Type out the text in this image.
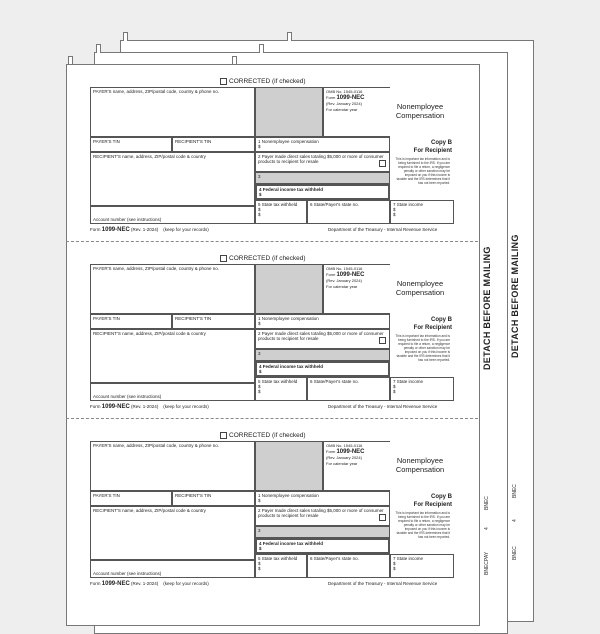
DETACH BEFORE MAILING
DETACH BEFORE MAILING
BNEC
4
BNEC
BNECPAY
4
BNEC
CORRECTED (if checked)
PAYER'S name, address, ZIP/postal code, country & phone no.	OMB No. 1545-0116
Form 1099-NEC
(Rev. January 2024)
For calendar year	Nonemployee Compensation
PAYER'S TIN	RECIPIENT'S TIN	1 Nonemployee compensation
$
Copy B
For Recipient
This is important tax information and is being furnished to the IRS. If you are required to file a return, a negligence penalty or other sanction may be imposed on you if this income is taxable and the IRS determines that it has not been reported.
RECIPIENT'S name, address, ZIP/postal code & country	2 Payer made direct sales totaling $5,000 or more of consumer products to recipient for resale
3
4 Federal income tax withheld
$
Account number (see instructions)
5 State tax withheld
$
$
6 State/Payer's state no.	7 State income
$
$
Form 1099-NEC (Rev. 1-2024) (keep for your records)	Department of the Treasury - Internal Revenue Service
CORRECTED (if checked)
PAYER'S name, address, ZIP/postal code, country & phone no.	OMB No. 1545-0116
Form 1099-NEC
(Rev. January 2024)
For calendar year	Nonemployee Compensation
PAYER'S TIN	RECIPIENT'S TIN	1 Nonemployee compensation
$
Copy B
For Recipient
This is important tax information and is being furnished to the IRS. If you are required to file a return, a negligence penalty or other sanction may be imposed on you if this income is taxable and the IRS determines that it has not been reported.
RECIPIENT'S name, address, ZIP/postal code & country	2 Payer made direct sales totaling $5,000 or more of consumer products to recipient for resale
3
4 Federal income tax withheld
$
Account number (see instructions)
5 State tax withheld
$
$
6 State/Payer's state no.	7 State income
$
$
Form 1099-NEC (Rev. 1-2024) (keep for your records)	Department of the Treasury - Internal Revenue Service
CORRECTED (if checked)
PAYER'S name, address, ZIP/postal code, country & phone no.	OMB No. 1545-0116
Form 1099-NEC
(Rev. January 2024)
For calendar year	Nonemployee Compensation
PAYER'S TIN	RECIPIENT'S TIN	1 Nonemployee compensation
$
Copy B
For Recipient
This is important tax information and is being furnished to the IRS. If you are required to file a return, a negligence penalty or other sanction may be imposed on you if this income is taxable and the IRS determines that it has not been reported.
RECIPIENT'S name, address, ZIP/postal code & country	2 Payer made direct sales totaling $5,000 or more of consumer products to recipient for resale
3
4 Federal income tax withheld
$
Account number (see instructions)
5 State tax withheld
$
$
6 State/Payer's state no.	7 State income
$
$
Form 1099-NEC (Rev. 1-2024) (keep for your records)	Department of the Treasury - Internal Revenue Service
